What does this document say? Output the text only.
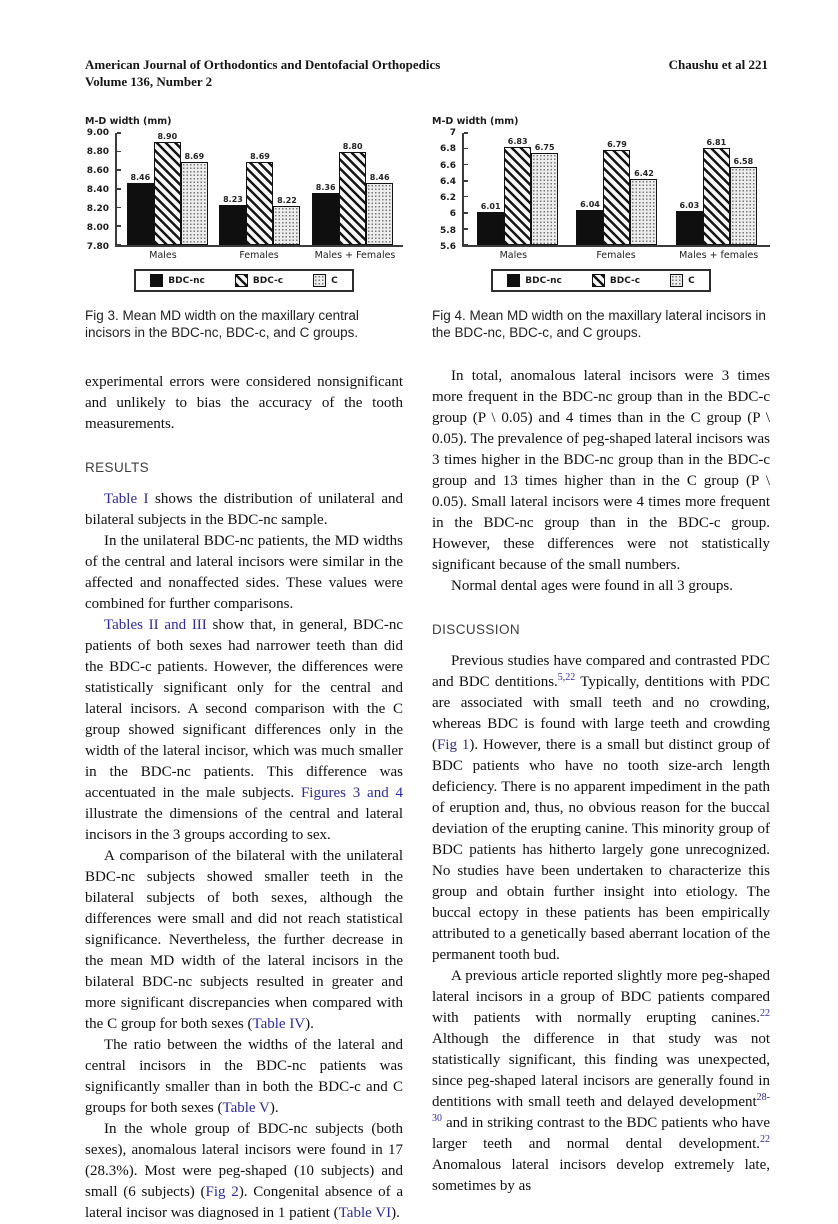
American Journal of Orthodontics and Dentofacial Orthopedics
Volume 136, Number 2
Chaushu et al 221
M-D width (mm)
9.00
8.80
8.60
8.40
8.20
8.00
7.80
8.46
8.90
8.69
8.23
8.69
8.22
8.36
8.80
8.46
Males	Females	Males + Females
BDC-nc	BDC-c	C
Fig 3. Mean MD width on the maxillary central incisors in the BDC-nc, BDC-c, and C groups.
M-D width (mm)
7
6.8
6.6
6.4
6.2
6
5.8
5.6
6.01
6.83
6.75
6.04
6.79
6.42
6.03
6.81
6.58
Males	Females	Males + females
BDC-nc	BDC-c	C
Fig 4. Mean MD width on the maxillary lateral incisors in the BDC-nc, BDC-c, and C groups.

experimental errors were considered nonsignificant and unlikely to bias the accuracy of the tooth measurements.

RESULTS

Table I shows the distribution of unilateral and bilateral subjects in the BDC-nc sample.

In the unilateral BDC-nc patients, the MD widths of the central and lateral incisors were similar in the affected and nonaffected sides. These values were combined for further comparisons.

Tables II and III show that, in general, BDC-nc patients of both sexes had narrower teeth than did the BDC-c patients. However, the differences were statistically significant only for the central and lateral incisors. A second comparison with the C group showed significant differences only in the width of the lateral incisor, which was much smaller in the BDC-nc patients. This difference was accentuated in the male subjects. Figures 3 and 4 illustrate the dimensions of the central and lateral incisors in the 3 groups according to sex.

A comparison of the bilateral with the unilateral BDC-nc subjects showed smaller teeth in the bilateral subjects of both sexes, although the differences were small and did not reach statistical significance. Nevertheless, the further decrease in the mean MD width of the lateral incisors in the bilateral BDC-nc subjects resulted in greater and more significant discrepancies when compared with the C group for both sexes (Table IV).

The ratio between the widths of the lateral and central incisors in the BDC-nc patients was significantly smaller than in both the BDC-c and C groups for both sexes (Table V).

In the whole group of BDC-nc subjects (both sexes), anomalous lateral incisors were found in 17 (28.3%). Most were peg-shaped (10 subjects) and small (6 subjects) (Fig 2). Congenital absence of a lateral incisor was diagnosed in 1 patient (Table VI).

In total, anomalous lateral incisors were 3 times more frequent in the BDC-nc group than in the BDC-c group (P \ 0.05) and 4 times than in the C group (P \ 0.05). The prevalence of peg-shaped lateral incisors was 3 times higher in the BDC-nc group than in the BDC-c group and 13 times higher than in the C group (P \ 0.05). Small lateral incisors were 4 times more frequent in the BDC-nc group than in the BDC-c group. However, these differences were not statistically significant because of the small numbers.

Normal dental ages were found in all 3 groups.

DISCUSSION

Previous studies have compared and contrasted PDC and BDC dentitions.$^{5,22}$ Typically, dentitions with PDC are associated with small teeth and no crowding, whereas BDC is found with large teeth and crowding (Fig 1). However, there is a small but distinct group of BDC patients who have no tooth size-arch length deficiency. There is no apparent impediment in the path of eruption and, thus, no obvious reason for the buccal deviation of the erupting canine. This minority group of BDC patients has hitherto largely gone unrecognized. No studies have been undertaken to characterize this group and obtain further insight into etiology. The buccal ectopy in these patients has been empirically attributed to a genetically based aberrant location of the permanent tooth bud.

A previous article reported slightly more peg-shaped lateral incisors in a group of BDC patients compared with patients with normally erupting canines.$^{22}$ Although the difference in that study was not statistically significant, this finding was unexpected, since peg-shaped lateral incisors are generally found in dentitions with small teeth and delayed development$^{28-30}$ and in striking contrast to the BDC patients who have larger teeth and normal dental development.$^{22}$ Anomalous lateral incisors develop extremely late, sometimes by as
